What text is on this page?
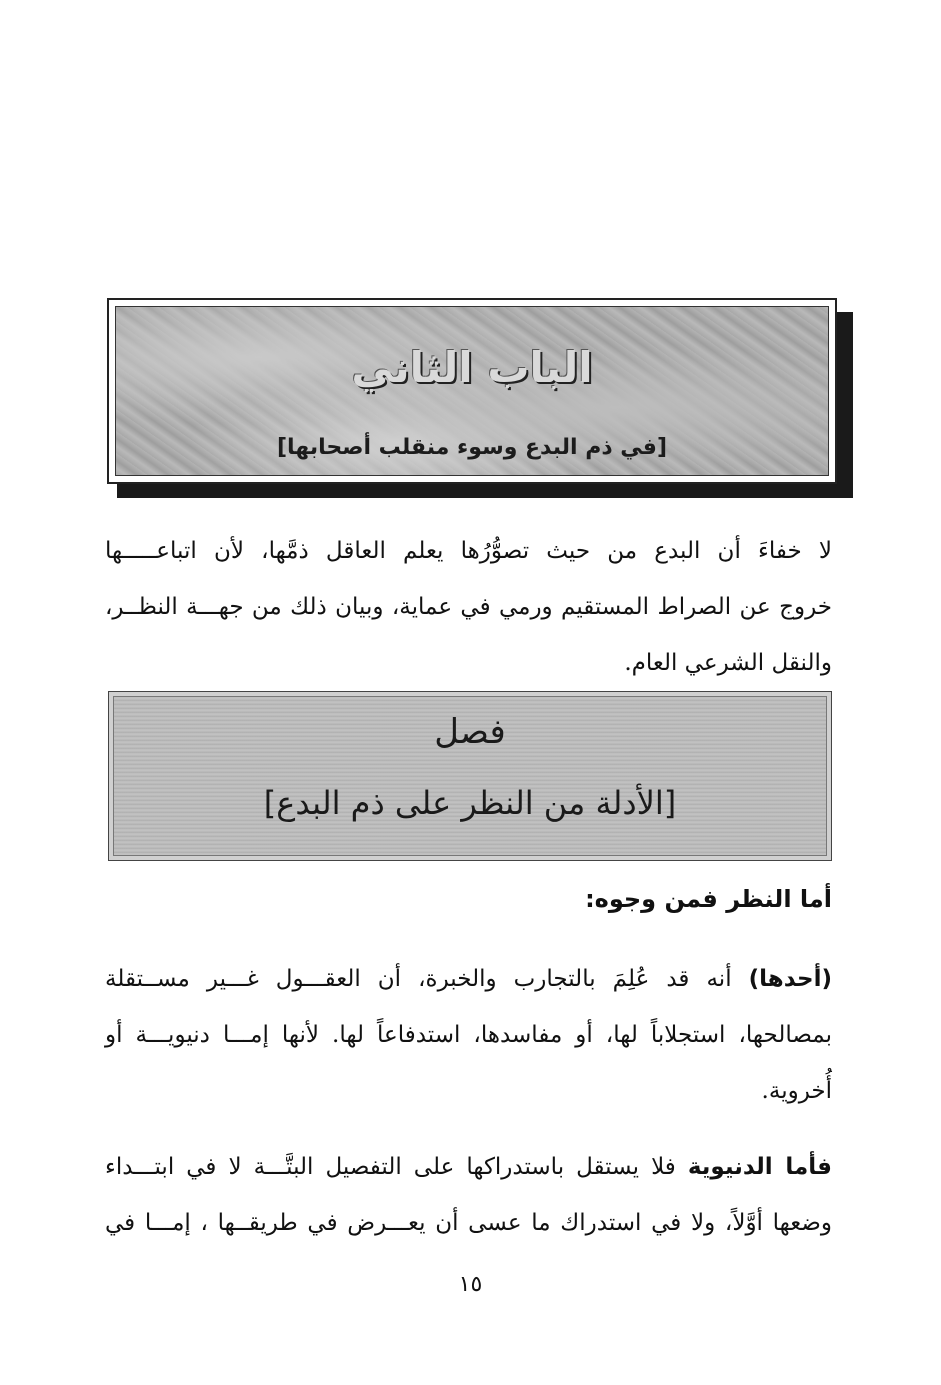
الباب الثاني
[في ذم البدع وسوء منقلب أصحابها]
لا خفاءَ أن البدع من حيث تصوُّرُها يعلم العاقل ذمَّها، لأن اتباعـــــها
خروج عن الصراط المستقيم ورمي في عماية، وبيان ذلك من جهـــة النظــر،
والنقل الشرعي العام.
فصل
[الأدلة من النظر على ذم البدع]
أما النظر فمن وجوه:
(أحدها) أنه قد عُلِمَ بالتجارب والخبرة، أن العقـــول غـــير مســتقلة
بمصالحها، استجلاباً لها، أو مفاسدها، استدفاعاً لها. لأنها إمـــا دنيويـــة أو
أُخروية.
فأما الدنيوية فلا يستقل باستدراكها على التفصيل البتَّـــة لا في ابتـــداء
وضعها أوَّلاً، ولا في استدراك ما عسى أن يعـــرض في طريقــها ، إمـــا في
١٥
